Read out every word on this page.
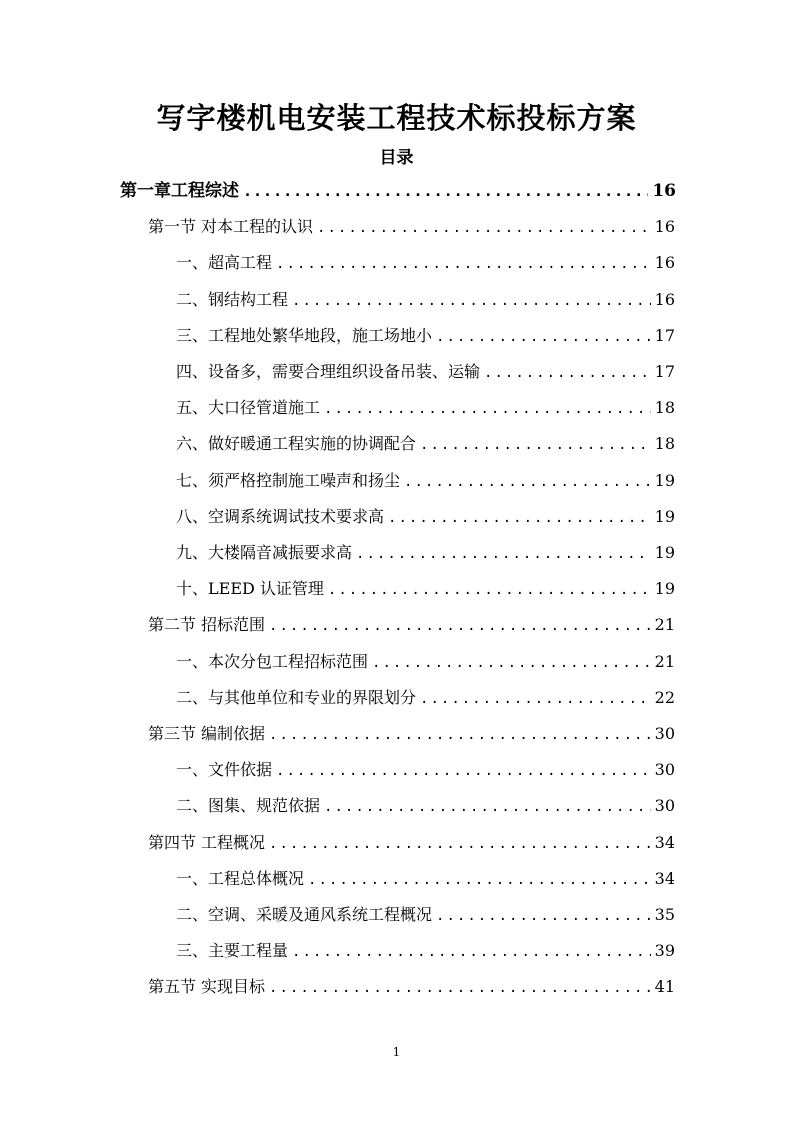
写字楼机电安装工程技术标投标方案
目录
第一章 工程综述 .....	16
第一节 对本工程的认识 .....	16
一、 超高工程 .....	16
二、 钢结构工程 .....	16
三、 工程地处繁华地段，施工场地小 .....	17
四、 设备多，需要合理组织设备吊装、运输 .....	17
五、 大口径管道施工 .....	18
六、 做好暖通工程实施的协调配合 .....	18
七、 须严格控制施工噪声和扬尘 .....	19
八、 空调系统调试技术要求高 .....	19
九、 大楼隔音减振要求高 .....	19
十、 LEED 认证管理 .....	19
第二节 招标范围 .....	21
一、 本次分包工程招标范围 .....	21
二、 与其他单位和专业的界限划分 .....	22
第三节 编制依据 .....	30
一、 文件依据 .....	30
二、 图集、规范依据 .....	30
第四节 工程概况 .....	34
一、 工程总体概况 .....	34
二、 空调、采暖及通风系统工程概况 .....	35
三、 主要工程量 .....	39
第五节 实现目标 .....	41
1
